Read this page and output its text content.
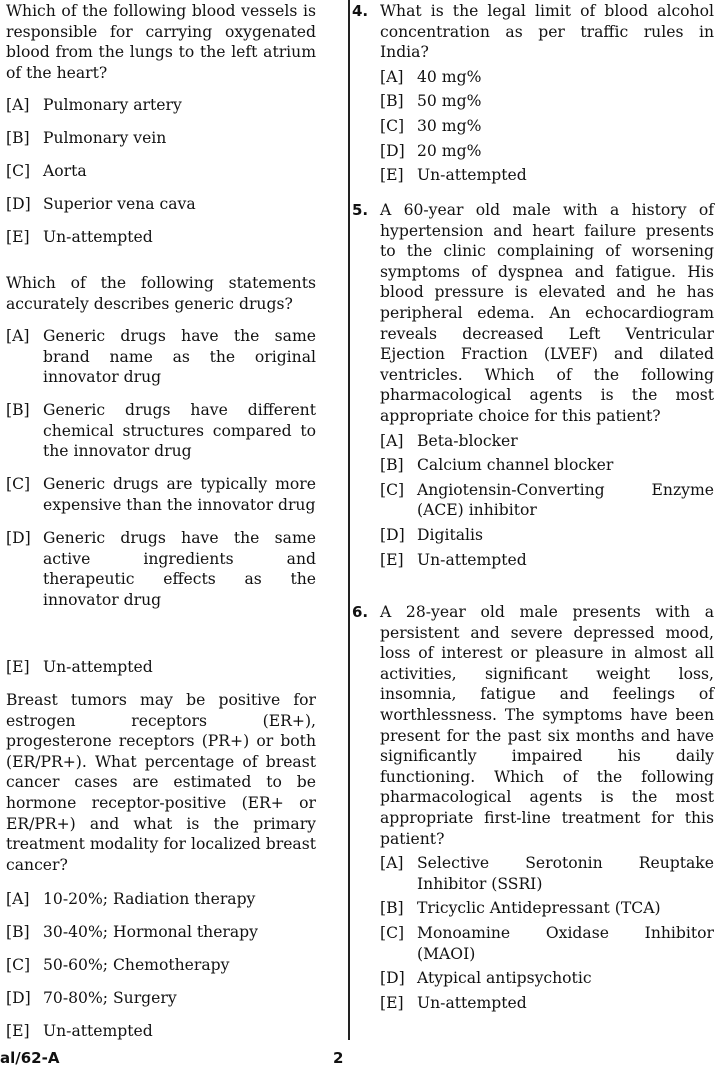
Which of the following blood vessels is responsible for carrying oxygenated blood from the lungs to the left atrium of the heart?

[A] Pulmonary artery
[B] Pulmonary vein
[C] Aorta
[D] Superior vena cava
[E] Un-attempted

Which of the following statements accurately describes generic drugs?

[A] Generic drugs have the same brand name as the original innovator drug
[B] Generic drugs have different chemical structures compared to the innovator drug
[C] Generic drugs are typically more expensive than the innovator drug
[D] Generic drugs have the same active ingredients and therapeutic effects as the innovator drug
[E] Un-attempted

Breast tumors may be positive for estrogen receptors (ER+), progesterone receptors (PR+) or both (ER/PR+). What percentage of breast cancer cases are estimated to be hormone receptor-positive (ER+ or ER/PR+) and what is the primary treatment modality for localized breast cancer?

[A] 10-20%; Radiation therapy
[B] 30-40%; Hormonal therapy
[C] 50-60%; Chemotherapy
[D] 70-80%; Surgery
[E] Un-attempted
4. What is the legal limit of blood alcohol concentration as per traffic rules in India?

[A] 40 mg%
[B] 50 mg%
[C] 30 mg%
[D] 20 mg%
[E] Un-attempted
5. A 60-year old male with a history of hypertension and heart failure presents to the clinic complaining of worsening symptoms of dyspnea and fatigue. His blood pressure is elevated and he has peripheral edema. An echocardiogram reveals decreased Left Ventricular Ejection Fraction (LVEF) and dilated ventricles. Which of the following pharmacological agents is the most appropriate choice for this patient?

[A] Beta-blocker
[B] Calcium channel blocker
[C] Angiotensin-Converting Enzyme (ACE) inhibitor
[D] Digitalis
[E] Un-attempted
6. A 28-year old male presents with a persistent and severe depressed mood, loss of interest or pleasure in almost all activities, significant weight loss, insomnia, fatigue and feelings of worthlessness. The symptoms have been present for the past six months and have significantly impaired his daily functioning. Which of the following pharmacological agents is the most appropriate first-line treatment for this patient?

[A] Selective Serotonin Reuptake Inhibitor (SSRI)
[B] Tricyclic Antidepressant (TCA)
[C] Monoamine Oxidase Inhibitor (MAOI)
[D] Atypical antipsychotic
[E] Un-attempted
al/62-A	2
